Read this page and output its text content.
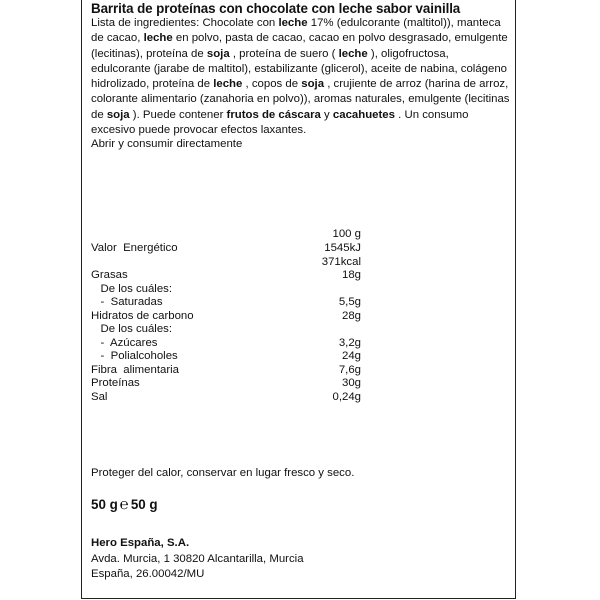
Barrita de proteínas con chocolate con leche sabor vainilla
Lista de ingredientes: Chocolate con leche 17% (edulcorante (maltitol)), manteca de cacao, leche en polvo, pasta de cacao, cacao en polvo desgrasado, emulgente (lecitinas), proteína de soja , proteína de suero ( leche ), oligofructosa, edulcorante (jarabe de maltitol), estabilizante (glicerol), aceite de nabina, colágeno hidrolizado, proteína de leche , copos de soja , crujiente de arroz (harina de arroz, colorante alimentario (zanahoria en polvo)), aromas naturales, emulgente (lecitinas de soja ). Puede contener frutos de cáscara y cacahuetes . Un consumo excesivo puede provocar efectos laxantes.
Abrir y consumir directamente
100 g
Valor  Energético	1545kJ
371kcal
Grasas	18g
De los cuáles:
-  Saturadas	5,5g
Hidratos de carbono	28g
De los cuáles:
-  Azúcares	3,2g
-  Polialcoholes	24g
Fibra  alimentaria	7,6g
Proteínas	30g
Sal	0,24g
Proteger del calor, conservar en lugar fresco y seco.
50 g ℮ 50 g
Hero España, S.A.
Avda. Murcia, 1 30820 Alcantarilla, Murcia
España, 26.00042/MU
